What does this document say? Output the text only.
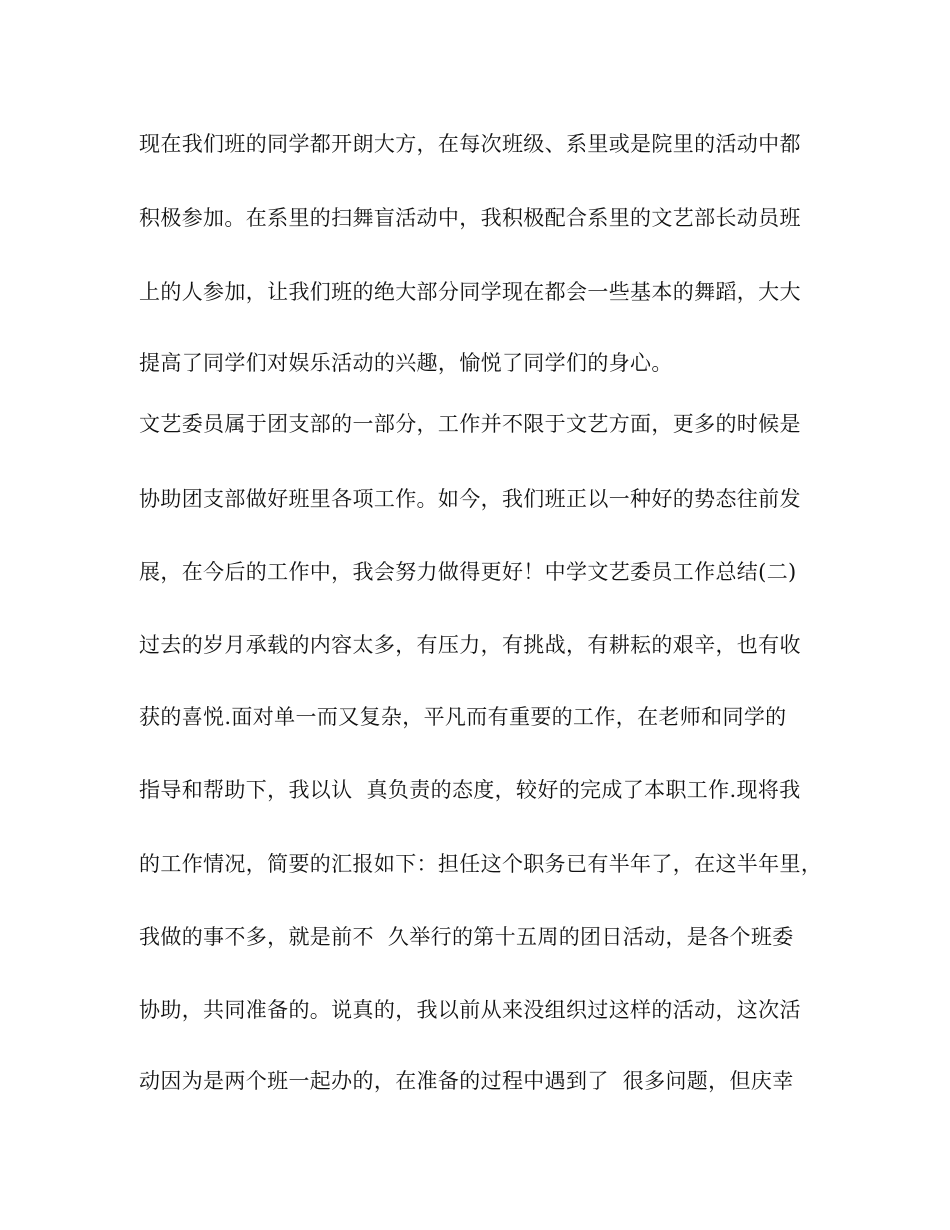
现在我们班的同学都开朗大方，在每次班级、系里或是院里的活动中都
积极参加。在系里的扫舞盲活动中，我积极配合系里的文艺部长动员班
上的人参加，让我们班的绝大部分同学现在都会一些基本的舞蹈，大大
提高了同学们对娱乐活动的兴趣，愉悦了同学们的身心。
文艺委员属于团支部的一部分，工作并不限于文艺方面，更多的时候是
协助团支部做好班里各项工作。如今，我们班正以一种好的势态往前发
展，在今后的工作中，我会努力做得更好！中学文艺委员工作总结(二)
过去的岁月承载的内容太多，有压力，有挑战，有耕耘的艰辛，也有收
获的喜悦.面对单一而又复杂，平凡而有重要的工作，在老师和同学的
指导和帮助下，我以认  真负责的态度，较好的完成了本职工作.现将我
的工作情况，简要的汇报如下：担任这个职务已有半年了，在这半年里，
我做的事不多，就是前不  久举行的第十五周的团日活动，是各个班委
协助，共同准备的。说真的，我以前从来没组织过这样的活动，这次活
动因为是两个班一起办的，在准备的过程中遇到了  很多问题，但庆幸
